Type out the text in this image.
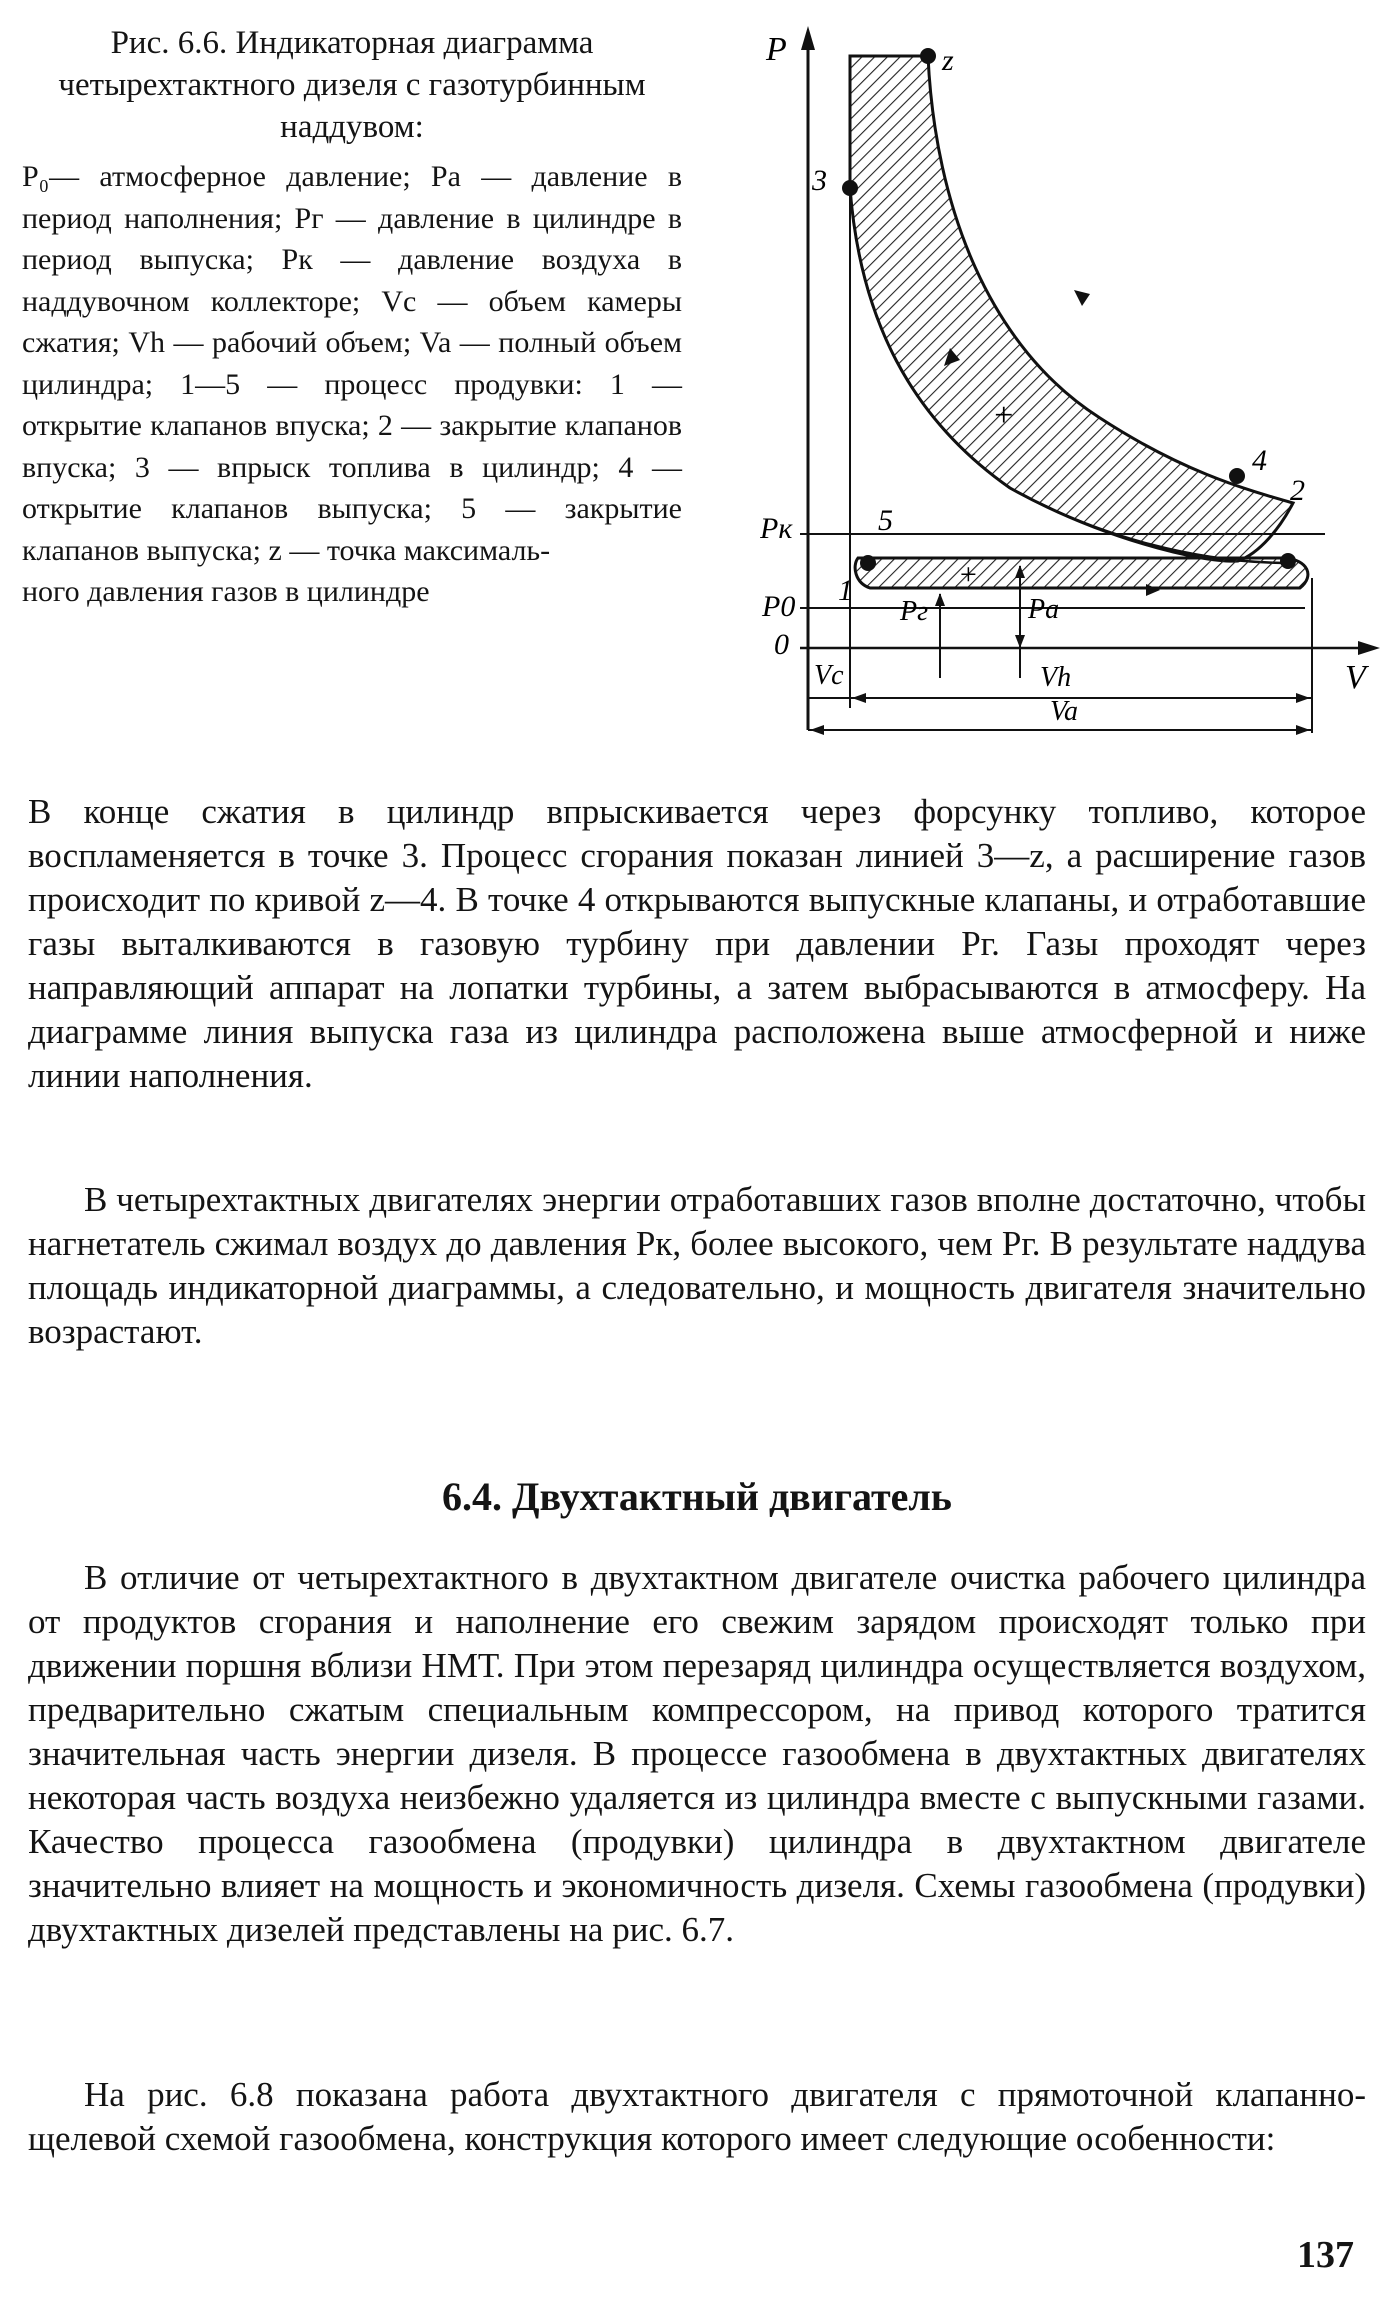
Рис. 6.6. Индикаторная диаграмма четырехтактного дизеля с газотурбинным наддувом:

P₀— атмосферное давление; Pa — давление в период наполнения; Pг — давление в цилиндре в период выпуска; Pк — давление воздуха в наддувочном коллекторе; Vc — объем камеры сжатия; Vh — рабочий объем; Va — полный объем цилиндра; 1—5 — процесс продувки: 1 — открытие клапанов впуска; 2 — закрытие клапанов впуска; 3 — впрыск топлива в цилиндр; 4 — открытие клапанов выпуска; 5 — закрытие клапанов выпуска; z — точка максималь-
ного давления газов в цилиндре

P
V
Pк
P0
0
z
3
4
2
5
1
+
+
Pг	Pa
Vc	Vh
Va

В конце сжатия в цилиндр впрыскивается через форсунку топливо, которое воспламеняется в точке 3. Процесс сгорания показан линией 3—z, а расширение газов происходит по кривой z—4. В точке 4 открываются выпускные клапаны, и отработавшие газы выталкиваются в газовую турбину при давлении Pг. Газы проходят через направляющий аппарат на лопатки турбины, а затем выбрасываются в атмосферу. На диаграмме линия выпуска газа из цилиндра расположена выше атмосферной и ниже линии наполнения.

В четырехтактных двигателях энергии отработавших газов вполне достаточно, чтобы нагнетатель сжимал воздух до давления Pк, более высокого, чем Pг. В результате наддува площадь индикаторной диаграммы, а следовательно, и мощность двигателя значительно возрастают.

6.4. Двухтактный двигатель

В отличие от четырехтактного в двухтактном двигателе очистка рабочего цилиндра от продуктов сгорания и наполнение его свежим зарядом происходят только при движении поршня вблизи НМТ. При этом перезаряд цилиндра осуществляется воздухом, предварительно сжатым специальным компрессором, на привод которого тратится значительная часть энергии дизеля. В процессе газообмена в двухтактных двигателях некоторая часть воздуха неизбежно удаляется из цилиндра вместе с выпускными газами. Качество процесса газообмена (продувки) цилиндра в двухтактном двигателе значительно влияет на мощность и экономичность дизеля. Схемы газообмена (продувки) двухтактных дизелей представлены на рис. 6.7.

На рис. 6.8 показана работа двухтактного двигателя с прямоточной клапанно-щелевой схемой газообмена, конструкция которого имеет следующие особенности:

137
